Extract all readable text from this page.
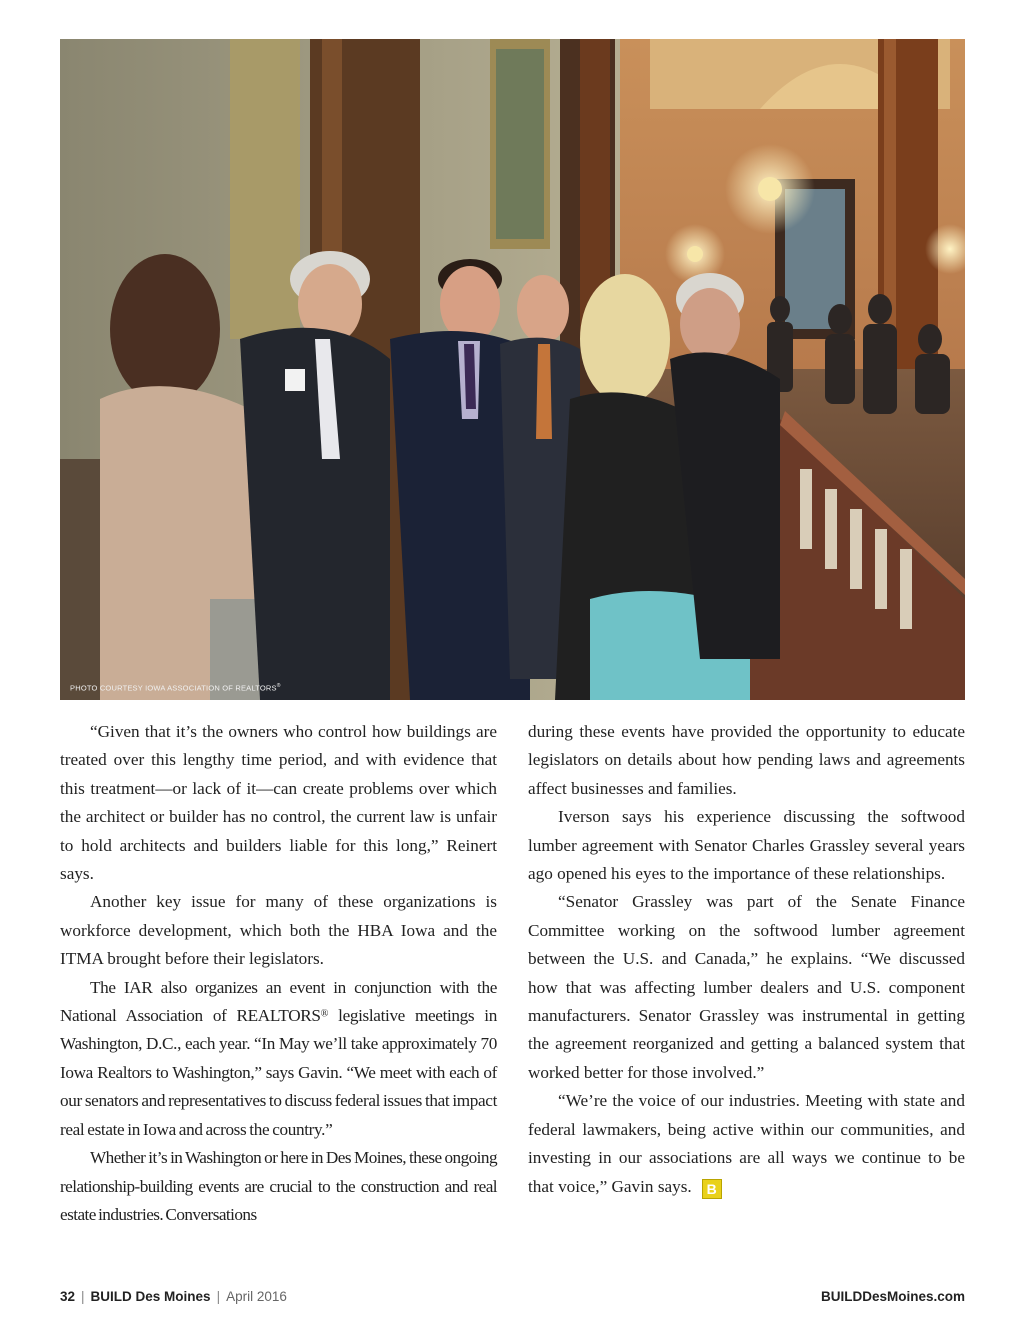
PHOTO COURTESY IOWA ASSOCIATION OF REALTORS®

“Given that it’s the owners who control how buildings are treated over this lengthy time period, and with evidence that this treatment—or lack of it—can create problems over which the architect or builder has no control, the current law is unfair to hold architects and builders liable for this long,” Reinert says.

Another key issue for many of these organizations is workforce development, which both the HBA Iowa and the ITMA brought before their legislators.

The IAR also organizes an event in conjunction with the National Association of REALTORS® legislative meetings in Washington, D.C., each year. “In May we’ll take approximately 70 Iowa Realtors to Washington,” says Gavin. “We meet with each of our senators and representatives to discuss federal issues that impact real estate in Iowa and across the country.”

Whether it’s in Washington or here in Des Moines, these ongoing relationship-building events are crucial to the construction and real estate industries. Conversations

during these events have provided the opportunity to educate legislators on details about how pending laws and agreements affect businesses and families.

Iverson says his experience discussing the softwood lumber agreement with Senator Charles Grassley several years ago opened his eyes to the importance of these relationships.

“Senator Grassley was part of the Senate Finance Committee working on the softwood lumber agreement between the U.S. and Canada,” he explains. “We discussed how that was affecting lumber dealers and U.S. component manufacturers. Senator Grassley was instrumental in getting the agreement reorganized and getting a balanced system that worked better for those involved.”

“We’re the voice of our industries. Meeting with state and federal lawmakers, being active within our communities, and investing in our associations are all ways we continue to be that voice,” Gavin says. B

32 | BUILD Des Moines | April 2016	BUILDDesMoines.com
